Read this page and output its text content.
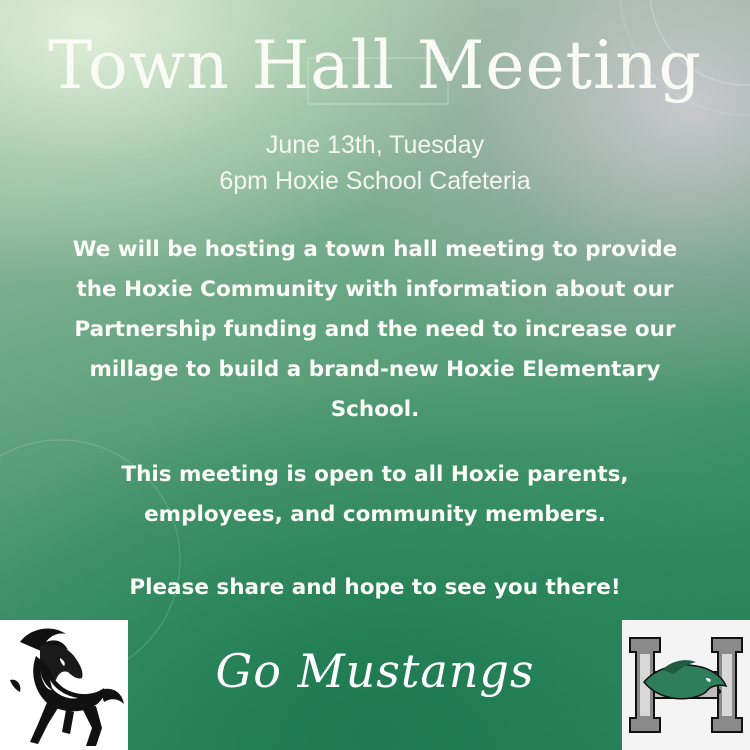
Town Hall Meeting

June 13th, Tuesday

6pm Hoxie School Cafeteria

We will be hosting a town hall meeting to provide
the Hoxie Community with information about our
Partnership funding and the need to increase our
millage to build a brand-new Hoxie Elementary
School.
This meeting is open to all Hoxie parents,
employees, and community members.
Please share and hope to see you there!
Go Mustangs
